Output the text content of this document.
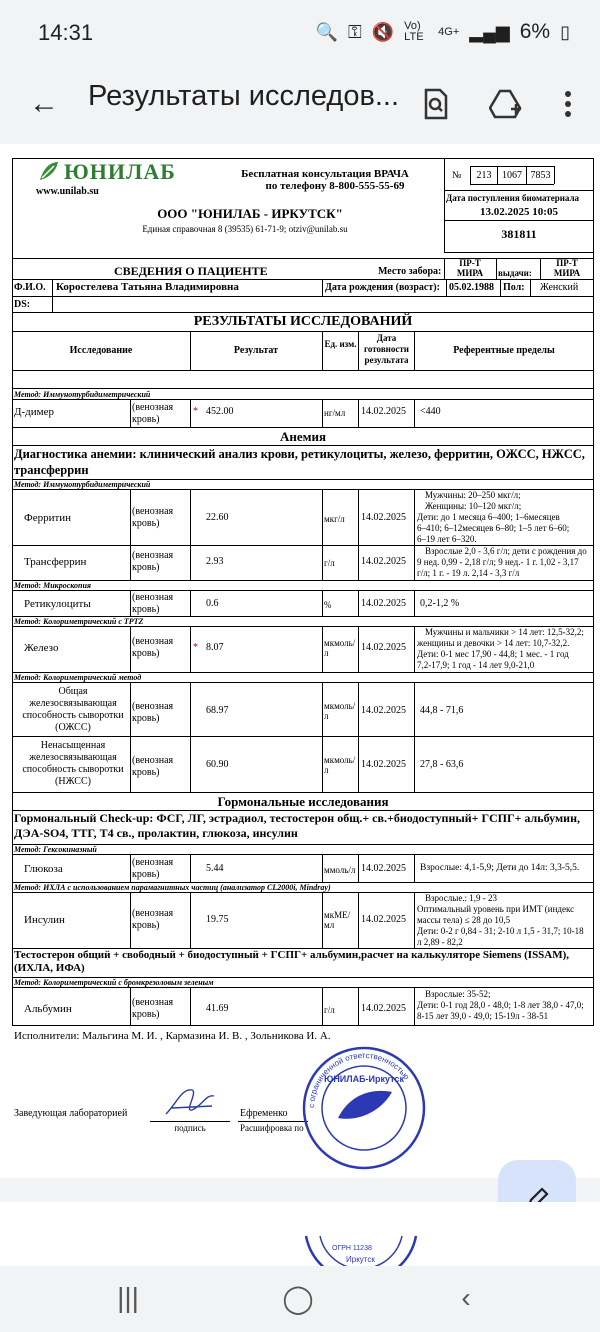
14:31	🔍 ⚿ 🔇 Vo) LTE	4G+ ▂▄▆ 6% ▯
← Результаты исследов...
ЮНИЛАБ
www.unilab.su
Бесплатная консультация ВРАЧА
по телефону 8-800-555-55-69
ООО "ЮНИЛАБ - ИРКУТСК"
Единая справочная 8 (39535) 61-71-9; otziv@unilab.su
№	213	1067 7853
Дата поступления биоматериала
13.02.2025 10:05
381811
СВЕДЕНИЯ О ПАЦИЕНТЕ	Место забора:
ПР-Т МИРА	выдачи:
ПР-Т МИРА
Ф.И.О. Коростелева Татьяна Владимировна	Дата рождения (возраст): 05.02.1988 Пол: Женский
DS:
РЕЗУЛЬТАТЫ ИССЛЕДОВАНИЙ
Исследование	Результат
Ед. изм.
Дата готовности результата
Референтные пределы
Метод: Иммунотурбидиметрический
Д-димер	(венозная кровь)
* 452.00	нг/мл 14.02.2025 <440
Анемия
Диагностика анемии: клинический анализ крови, ретикулоциты, железо, ферритин, ОЖСС, НЖСС, трансферрин
Метод: Иммунотурбидиметрический
Ферритин
(венозная кровь)	22.60	мкг/л 14.02.2025
Мужчины: 20–250 мкг/л;
Женщины: 10–120 мкг/л;
Дети: до 1 месяца 6–400; 1–6месяцев
6–410; 6–12месяцев 6–80; 1–5 лет 6–60;
6–19 лет 6–320.
Трансферрин
(венозная кровь)	2.93	г/л	14.02.2025
Взрослые 2,0 - 3,6 г/л; дети с рождения до
9 нед. 0,99 - 2,18 г/л; 9 нед.- 1 г. 1,02 - 3,17
г/л; 1 г. - 19 л. 2,14 - 3,3 г/л
Метод: Микроскопия
Ретикулоциты
(венозная кровь)	0.6	%	14.02.2025 0,2-1,2 %
Метод: Колориметрический с TPTZ
Железо
(венозная кровь)	* 8.07	мкмоль/л	14.02.2025
Мужчины и мальчики > 14 лет: 12,5-32,2;
женщины и девочки > 14 лет: 10,7-32,2.
Дети: 0-1 мес 17,90 - 44,8; 1 мес. - 1 год
7,2-17,9; 1 год - 14 лет 9,0-21,0
Метод: Колориметрический метод
Общая железосвязывающая способность сыворотки (ОЖСС)
(венозная кровь)
68.97	мкмоль/л	14.02.2025 44,8 - 71,6
Ненасыщенная железосвязывающая способность сыворотки (НЖСС)
(венозная кровь)
60.90	мкмоль/л	14.02.2025 27,8 - 63,6
Гормональные исследования
Гормональный Check-up: ФСГ, ЛГ, эстрадиол, тестостерон общ.+ св.+биодоступный+ ГСПГ+ альбумин, ДЭА-SO4, ТТГ, Т4 св., пролактин, глюкоза, инсулин
Метод: Гексокиназный
Глюкоза
(венозная кровь)	5.44	ммоль/л 14.02.2025 Взрослые: 4,1-5,9; Дети до 14л: 3,3-5,5.
Метод: ИХЛА с использованием парамагнитных частиц (анализатор CL2000i, Mindray)
Инсулин
(венозная кровь)	19.75	мкМЕ/мл	14.02.2025
Взрослые.: 1,9 - 23
Оптимальный уровень при ИМТ (индекс
массы тела) ≤ 28 до 10,5
Дети: 0-2 г 0,84 - 31; 2-10 л 1,5 - 31,7; 10-18
л 2,89 - 82,2
Тестостерон общий + свободный + биодоступный + ГСПГ+ альбумин,расчет на калькуляторе Siemens (ISSAM),(ИХЛА, ИФА)
Метод: Колориметрический с бромкрезоловым зеленым
Альбумин
(венозная кровь)	41.69	г/л	14.02.2025
Взрослые: 35-52;
Дети: 0-1 год 28,0 - 48,0; 1-8 лет 38,0 - 47,0;
8-15 лет 39,0 - 49,0; 15-19л - 38-51
Исполнители: Мальгина М. И. , Кармазина И. В. , Зольникова И. А.
Заведующая лабораторией
подпись
Ефременко
Расшифровка по
с ограниченной ответственностью
ЮНИЛАБ-Иркутск
ОГРН 11238
Иркутск
|||	◯	‹
